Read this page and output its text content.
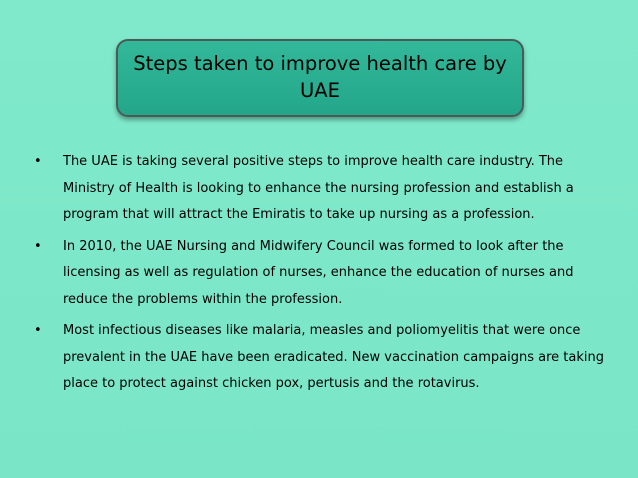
Steps taken to improve health care by UAE
• The UAE is taking several positive steps to improve health care industry. The Ministry of Health is looking to enhance the nursing profession and establish a program that will attract the Emiratis to take up nursing as a profession.
• In 2010, the UAE Nursing and Midwifery Council was formed to look after the licensing as well as regulation of nurses, enhance the education of nurses and reduce the problems within the profession.
• Most infectious diseases like malaria, measles and poliomyelitis that were once prevalent in the UAE have been eradicated. New vaccination campaigns are taking place to protect against chicken pox, pertusis and the rotavirus.
